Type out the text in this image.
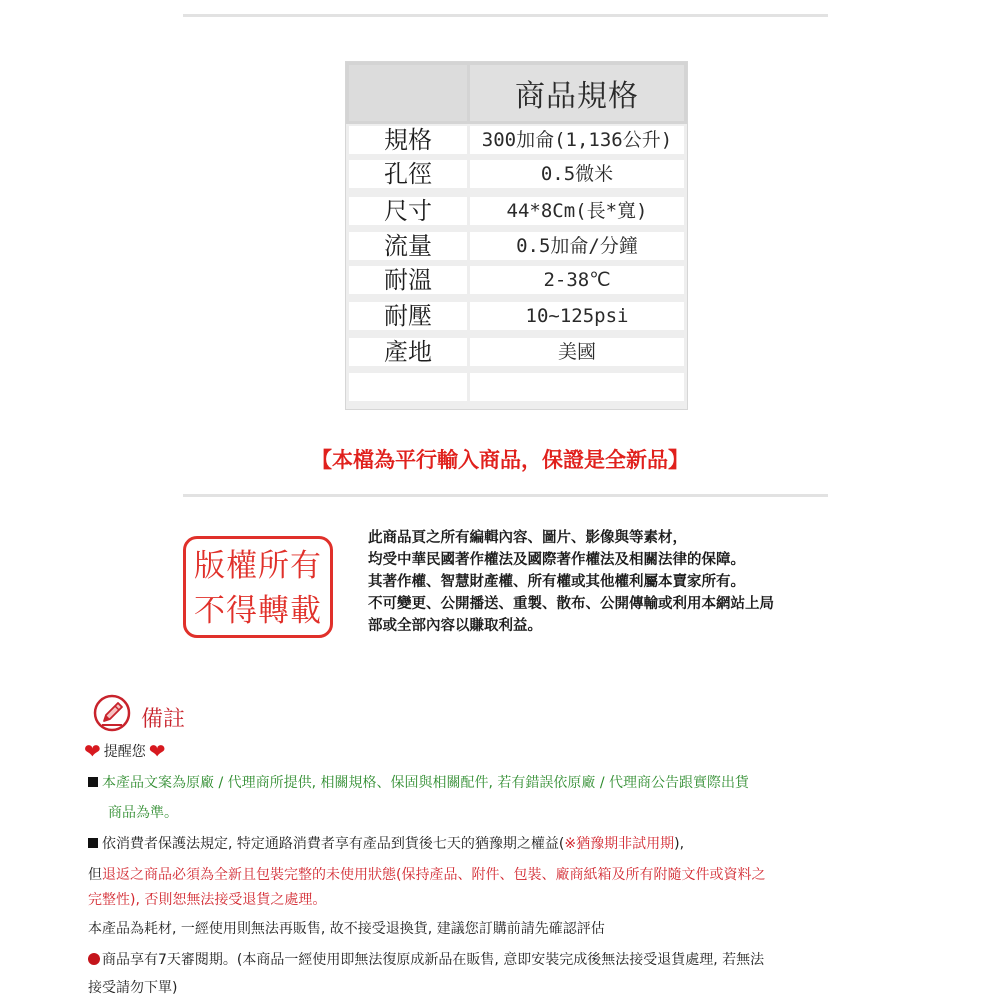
商品規格
規格	300加侖(1,136公升)
孔徑	0.5微米
尺寸	44*8Cm(長*寬)
流量	0.5加侖/分鐘
耐溫	2-38℃
耐壓	10~125psi
產地	美國
【本檔為平行輸入商品，保證是全新品】
版權所有
不得轉載
此商品頁之所有編輯內容、圖片、影像與等素材，
均受中華民國著作權法及國際著作權法及相關法律的保障。
其著作權、智慧財產權、所有權或其他權利屬本賣家所有。
不可變更、公開播送、重製、散布、公開傳輸或利用本網站上局
部或全部內容以賺取利益。
備註
❤ 提醒您 ❤
本產品文案為原廠 / 代理商所提供, 相關規格、保固與相關配件, 若有錯誤依原廠 / 代理商公告跟實際出貨
商品為準。
依消費者保護法規定, 特定通路消費者享有產品到貨後七天的猶豫期之權益(※猶豫期非試用期),
但退返之商品必須為全新且包裝完整的未使用狀態(保持產品、附件、包裝、廠商紙箱及所有附隨文件或資料之
完整性), 否則恕無法接受退貨之處理。
本產品為耗材, 一經使用則無法再販售, 故不接受退換貨, 建議您訂購前請先確認評估
商品享有7天審閱期。(本商品一經使用即無法復原成新品在販售, 意即安裝完成後無法接受退貨處理, 若無法
接受請勿下單)
